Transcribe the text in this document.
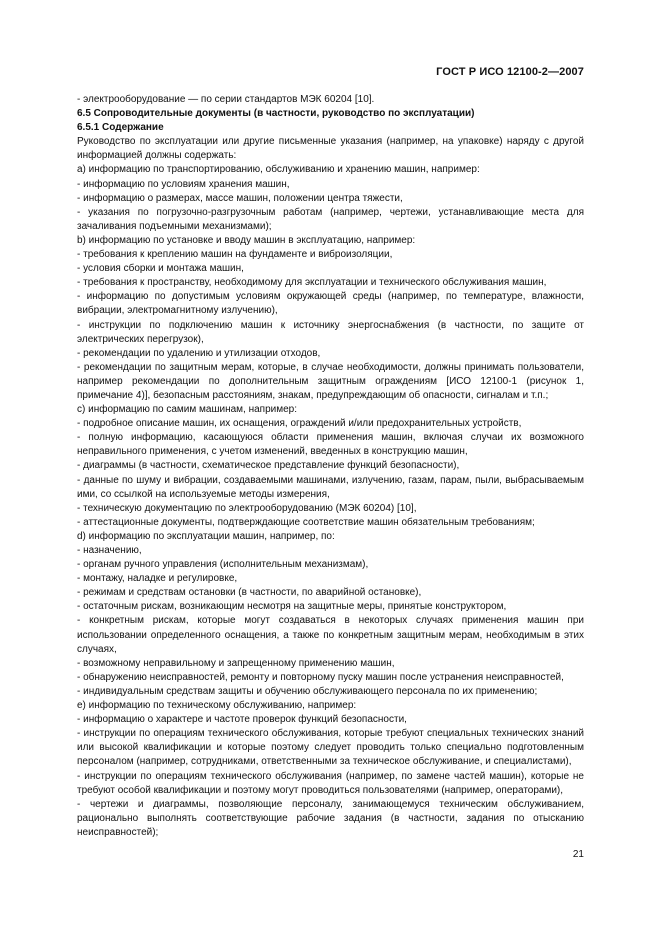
ГОСТ Р ИСО 12100-2—2007

- электрооборудование — по серии стандартов МЭК 60204 [10].

6.5 Сопроводительные документы (в частности, руководство по эксплуатации)

6.5.1 Содержание

Руководство по эксплуатации или другие письменные указания (например, на упаковке) наряду с другой информацией должны содержать:

а) информацию по транспортированию, обслуживанию и хранению машин, например:

- информацию по условиям хранения машин,

- информацию о размерах, массе машин, положении центра тяжести,

- указания по погрузочно-разгрузочным работам (например, чертежи, устанавливающие места для зачаливания подъемными механизмами);

b) информацию по установке и вводу машин в эксплуатацию, например:

- требования к креплению машин на фундаменте и виброизоляции,

- условия сборки и монтажа машин,

- требования к пространству, необходимому для эксплуатации и технического обслуживания машин,

- информацию по допустимым условиям окружающей среды (например, по температуре, влажности, вибрации, электромагнитному излучению),

- инструкции по подключению машин к источнику энергоснабжения (в частности, по защите от электрических перегрузок),

- рекомендации по удалению и утилизации отходов,

- рекомендации по защитным мерам, которые, в случае необходимости, должны принимать пользователи, например рекомендации по дополнительным защитным ограждениям [ИСО 12100-1 (рисунок 1, примечание 4)], безопасным расстояниям, знакам, предупреждающим об опасности, сигналам и т.п.;

с) информацию по самим машинам, например:

- подробное описание машин, их оснащения, ограждений и/или предохранительных устройств,

- полную информацию, касающуюся области применения машин, включая случаи их возможного неправильного применения, с учетом изменений, введенных в конструкцию машин,

- диаграммы (в частности, схематическое представление функций безопасности),

- данные по шуму и вибрации, создаваемыми машинами, излучению, газам, парам, пыли, выбрасываемым ими, со ссылкой на используемые методы измерения,

- техническую документацию по электрооборудованию (МЭК 60204) [10],

- аттестационные документы, подтверждающие соответствие машин обязательным требованиям;

d) информацию по эксплуатации машин, например, по:

- назначению,

- органам ручного управления (исполнительным механизмам),

- монтажу, наладке и регулировке,

- режимам и средствам остановки (в частности, по аварийной остановке),

- остаточным рискам, возникающим несмотря на защитные меры, принятые конструктором,

- конкретным рискам, которые могут создаваться в некоторых случаях применения машин при использовании определенного оснащения, а также по конкретным защитным мерам, необходимым в этих случаях,

- возможному неправильному и запрещенному применению машин,

- обнаружению неисправностей, ремонту и повторному пуску машин после устранения неисправностей,

- индивидуальным средствам защиты и обучению обслуживающего персонала по их применению;

е) информацию по техническому обслуживанию, например:

- информацию о характере и частоте проверок функций безопасности,

- инструкции по операциям технического обслуживания, которые требуют специальных технических знаний или высокой квалификации и которые поэтому следует проводить только специально подготовленным персоналом (например, сотрудниками, ответственными за техническое обслуживание, и специалистами),

- инструкции по операциям технического обслуживания (например, по замене частей машин), которые не требуют особой квалификации и поэтому могут проводиться пользователями (например, операторами),

- чертежи и диаграммы, позволяющие персоналу, занимающемуся техническим обслуживанием, рационально выполнять соответствующие рабочие задания (в частности, задания по отысканию неисправностей);

21
